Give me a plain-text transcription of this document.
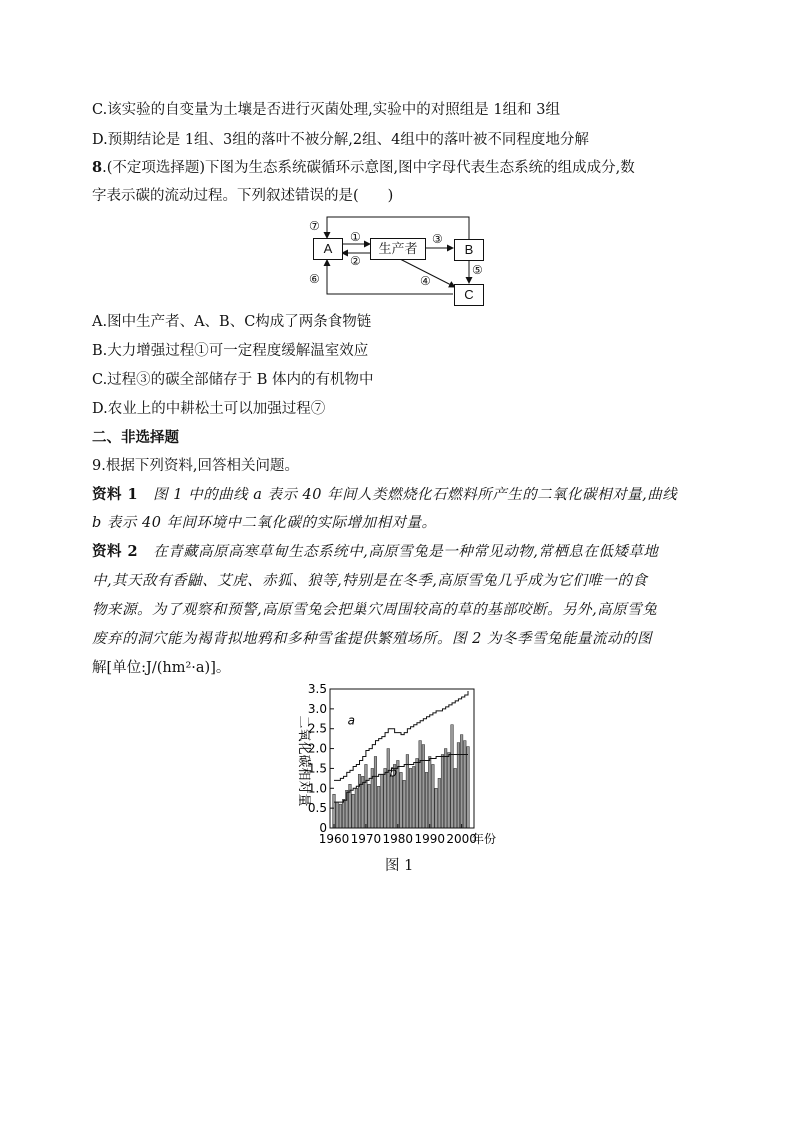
C.该实验的自变量为土壤是否进行灭菌处理,实验中的对照组是 1组和 3组
D.预期结论是 1组、3组的落叶不被分解,2组、4组中的落叶被不同程度地分解
8.(不定项选择题)下图为生态系统碳循环示意图,图中字母代表生态系统的组成成分,数
字表示碳的流动过程。下列叙述错误的是(　　)
A	生产者	B
C
⑦
①
②
③
④
⑤
⑥
A.图中生产者、A、B、C构成了两条食物链
B.大力增强过程①可一定程度缓解温室效应
C.过程③的碳全部储存于 B 体内的有机物中
D.农业上的中耕松土可以加强过程⑦
二、非选择题
9.根据下列资料,回答相关问题。
资料 1　 图 1 中的曲线 a 表示 40 年间人类燃烧化石燃料所产生的二氧化碳相对量,曲线
b 表示 40 年间环境中二氧化碳的实际增加相对量。
资料 2　 在青藏高原高寒草甸生态系统中,高原雪兔是一种常见动物,常栖息在低矮草地
中,其天敌有香鼬、艾虎、赤狐、狼等,特别是在冬季,高原雪兔几乎成为它们唯一的食
物来源。为了观察和预警,高原雪兔会把巢穴周围较高的草的基部咬断。另外,高原雪兔
废弃的洞穴能为褐背拟地鸦和多种雪雀提供繁殖场所。图 2 为冬季雪兔能量流动的图
解[单位:J/(hm²·a)]。
0
0.5
1.0
1.5
2.0
2.5
3.0
3.5
1960 1970 1980 1990 2000
二氧化碳相对量	a
b
年份
图 1
